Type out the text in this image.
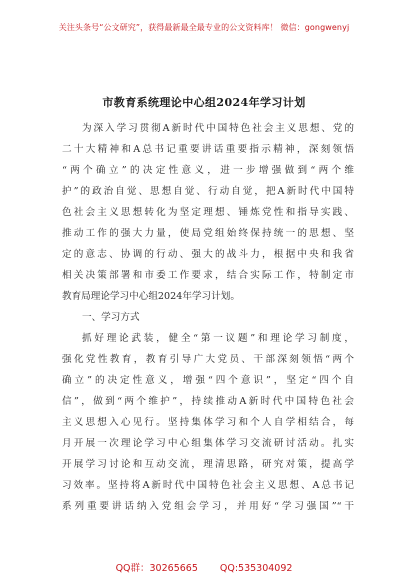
关注头条号“公文研究”，获得最新最全最专业的公文资料库！ 微信：gongwenyj
市教育系统理论中心组2024年学习计划
为深入学习贯彻A新时代中国特色社会主义思想、党的
二十大精神和A总书记重要讲话重要指示精神，深刻领悟
“两个确立”的决定性意义，进一步增强做到“两个维
护”的政治自觉、思想自觉、行动自觉，把A新时代中国特
色社会主义思想转化为坚定理想、锤炼党性和指导实践、
推动工作的强大力量，使局党组始终保持统一的思想、坚
定的意志、协调的行动、强大的战斗力，根据中央和我省
相关决策部署和市委工作要求，结合实际工作，特制定市
教育局理论学习中心组2024年学习计划。
一、学习方式
抓好理论武装，健全“第一议题”和理论学习制度，
强化党性教育，教育引导广大党员、干部深刻领悟“两个
确立”的决定性意义，增强“四个意识”，坚定“四个自
信”，做到“两个维护”，持续推动A新时代中国特色社会
主义思想入心见行。坚持集体学习和个人自学相结合，每
月开展一次理论学习中心组集体学习交流研讨活动。扎实
开展学习讨论和互动交流，理清思路，研究对策，提高学
习效率。坚持将A新时代中国特色社会主义思想、A总书记
系列重要讲话纳入党组会学习，并用好“学习强国”“干
QQ群：30265665 QQ:535304092
